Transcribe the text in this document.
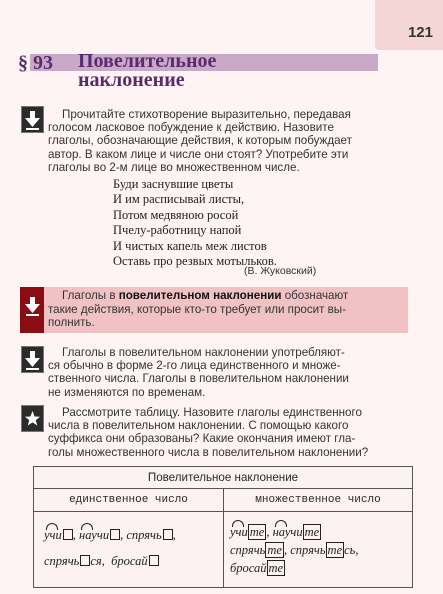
121
§ 93 Повелительное
наклонение
Прочитайте стихотворение выразительно, передавая
голосом ласковое побуждение к действию. Назовите
глаголы, обозначающие действия, к которым побуждает
автор. В каком лице и числе они стоят? Употребите эти
глаголы во 2-м лице во множественном числе.
Буди заснувшие цветы
И им расписывай листы,
Потом медвяною росой
Пчелу-работницу напой
И чистых капель меж листов
Оставь про резвых мотыльков.
(В. Жуковский)
Глаголы в повелительном наклонении обозначают
такие действия, которые кто-то требует или просит вы-
полнить.
Глаголы в повелительном наклонении употребляют-
ся обычно в форме 2-го лица единственного и множе-
ственного числа. Глаголы в повелительном наклонении
не изменяются по временам.
Рассмотрите таблицу. Назовите глаголы единственного
числа в повелительном наклонении. С помощью какого
суффикса они образованы? Какие окончания имеют гла-
голы множественного числа в повелительном наклонении?
Повелительное наклонение
единственное число	множественное число
учи , научи , спрячь ,
спрячь ся, бросай
учи те , научи те
спрячь те , спрячь те сь,
бросай те
